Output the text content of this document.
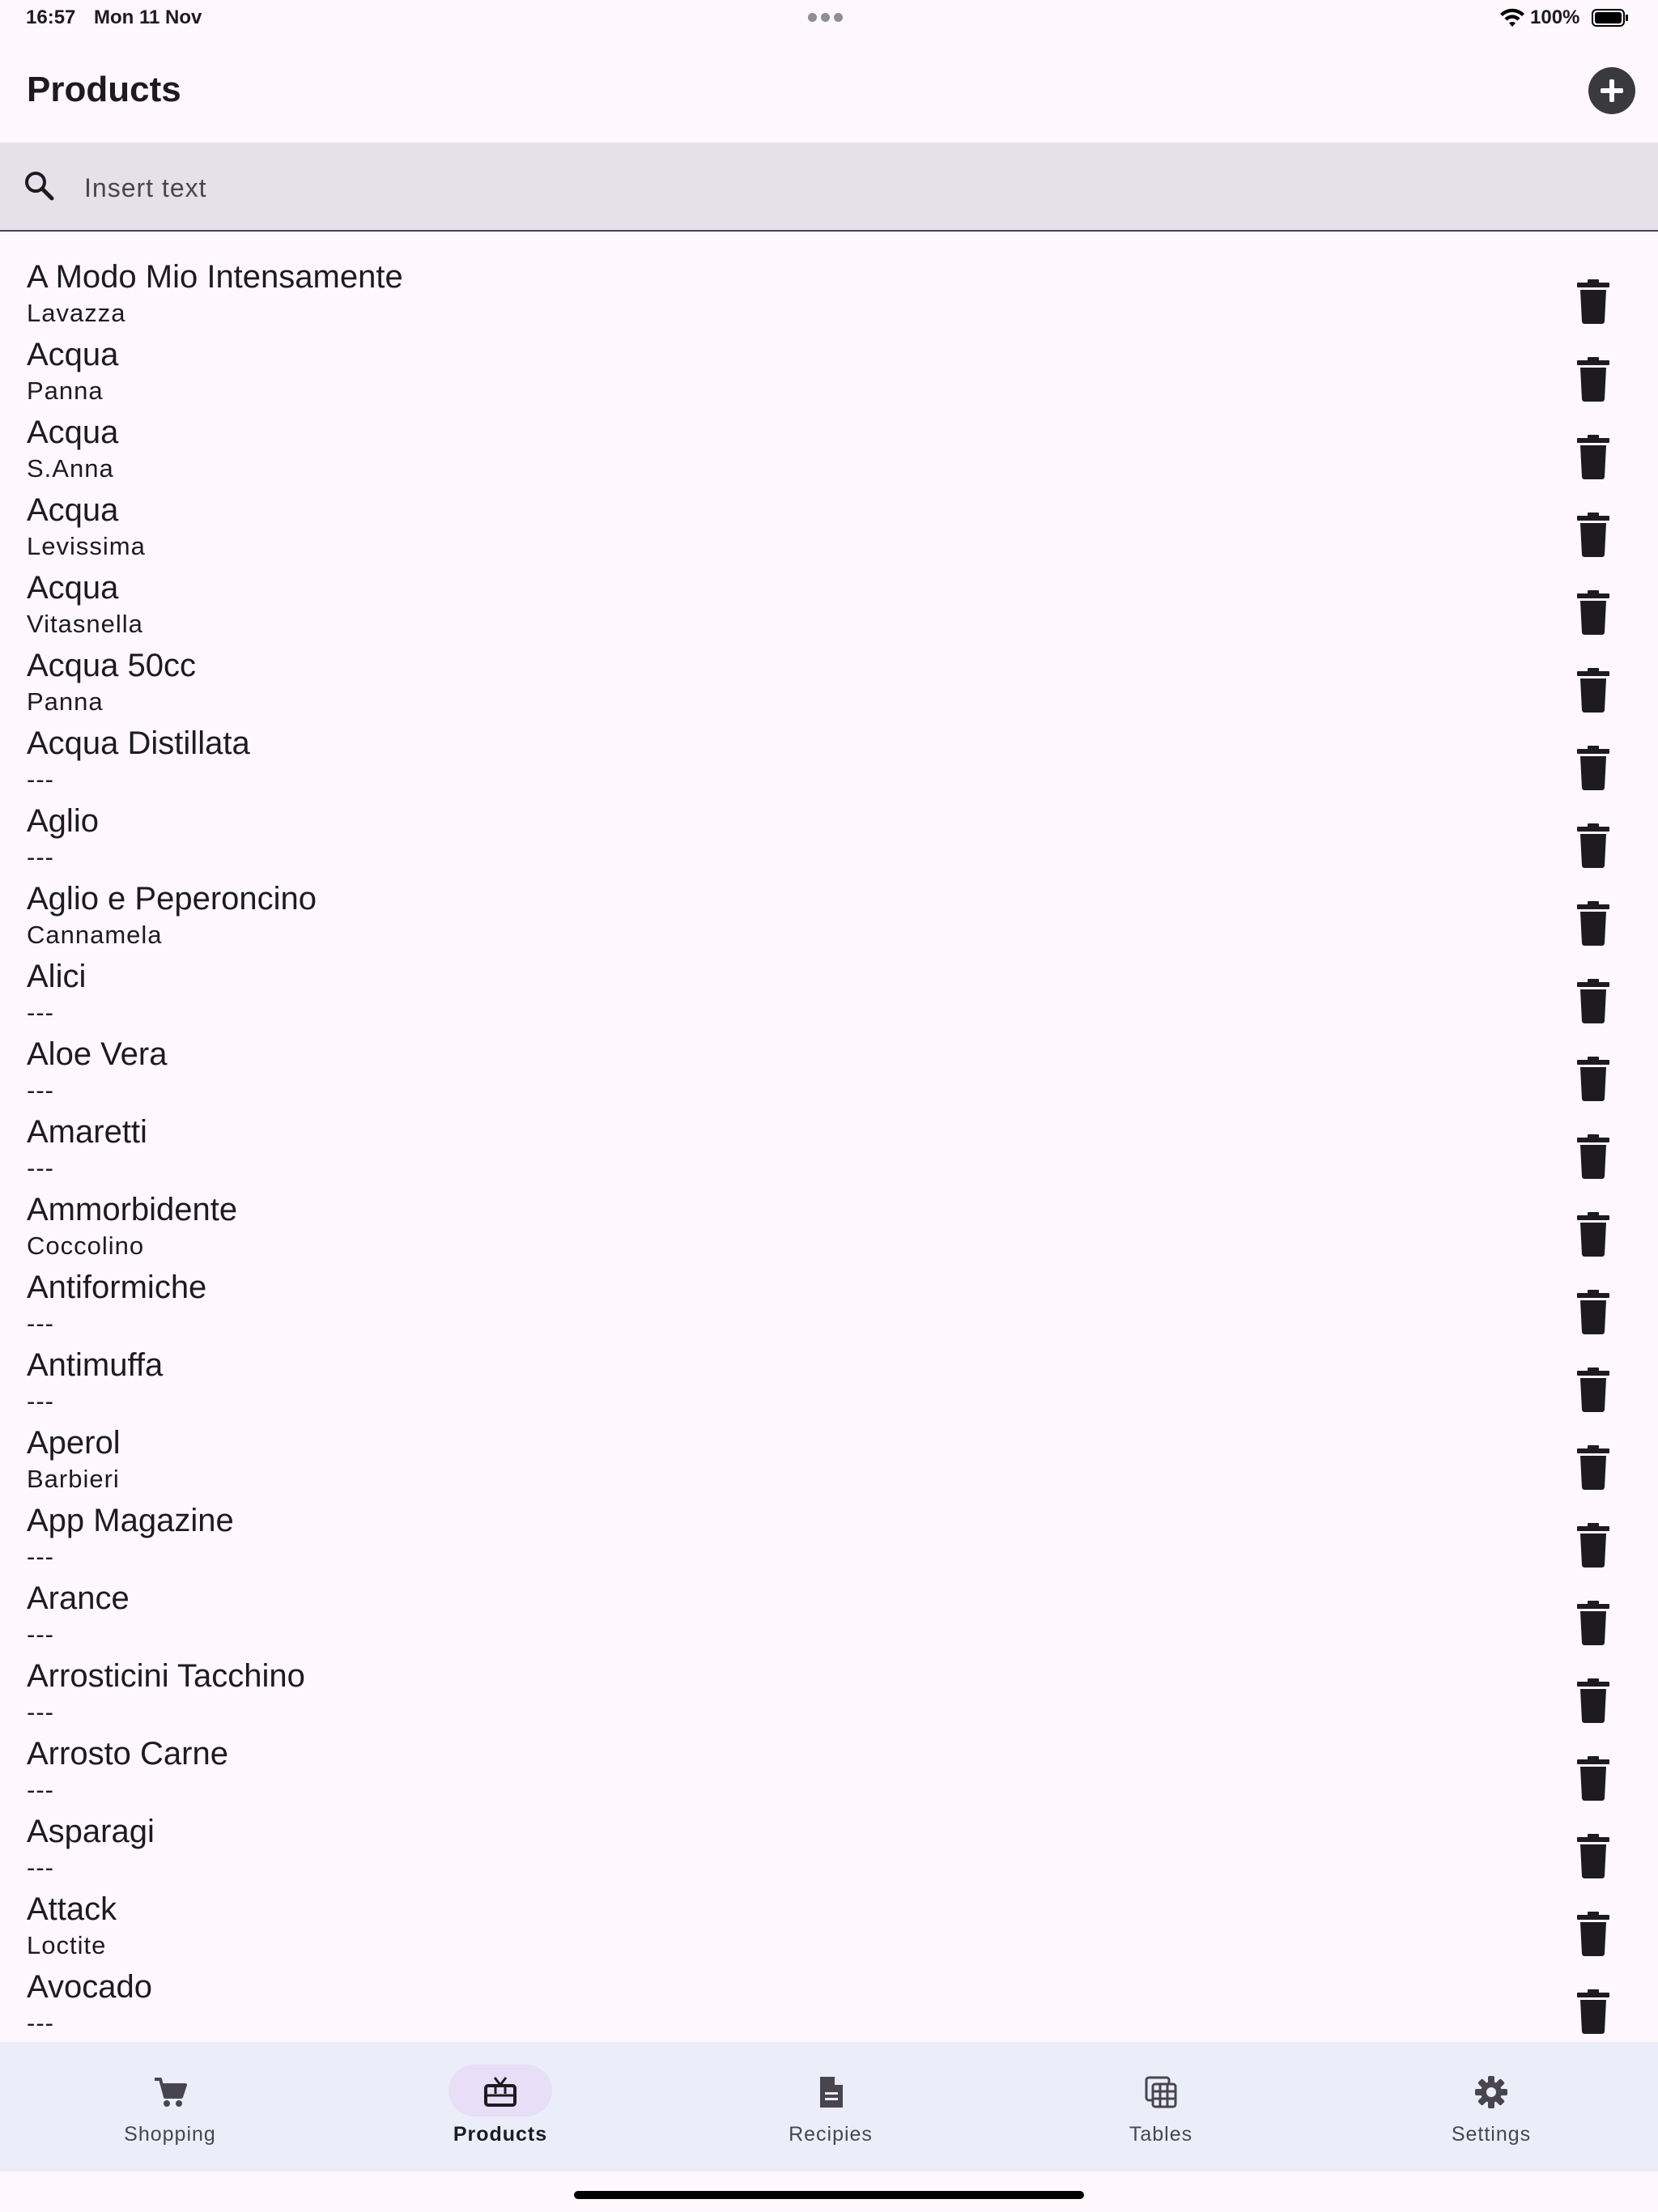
16:57 Mon 11 Nov	100%
Products
Insert text
A Modo Mio Intensamente
Lavazza
Acqua
Panna
Acqua
S.Anna
Acqua
Levissima
Acqua
Vitasnella
Acqua 50cc
Panna
Acqua Distillata
---
Aglio
---
Aglio e Peperoncino
Cannamela
Alici
---
Aloe Vera
---
Amaretti
---
Ammorbidente
Coccolino
Antiformiche
---
Antimuffa
---
Aperol
Barbieri
App Magazine
---
Arance
---
Arrosticini Tacchino
---
Arrosto Carne
---
Asparagi
---
Attack
Loctite
Avocado
---
Shopping	Products	Recipies	Tables	Settings
